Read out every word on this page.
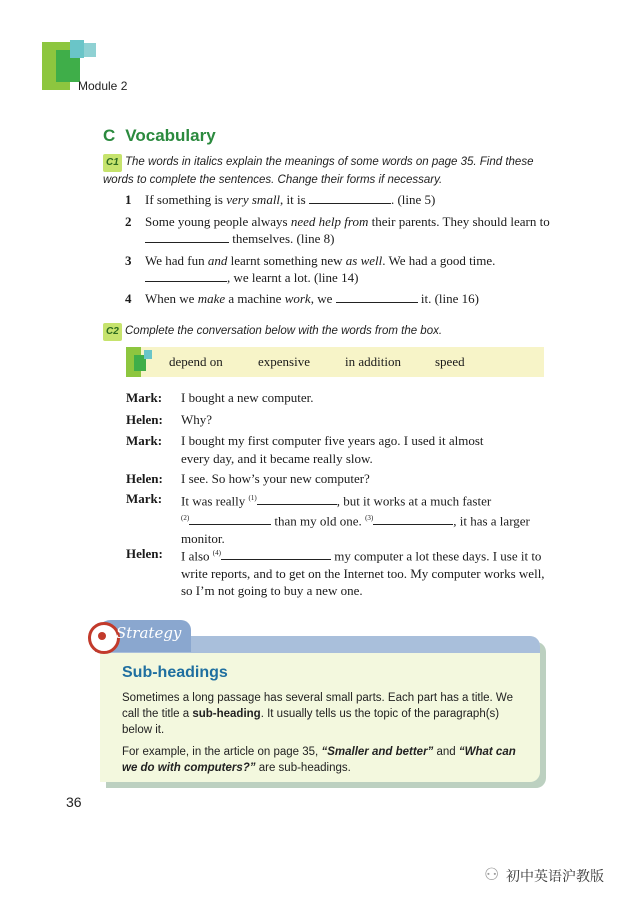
Module 2
C Vocabulary
C1 The words in italics explain the meanings of some words on page 35. Find these
words to complete the sentences. Change their forms if necessary.
1 If something is very small, it is	. (line 5)
2 Some young people always need help from their parents. They should learn to  themselves. (line 8)
3 We had fun and learnt something new as well. We had a good time. , we learnt a lot. (line 14)
4 When we make a machine work, we	it. (line 16)
C2 Complete the conversation below with the words from the box.
depend on	expensive	in addition	speed
Mark: I bought a new computer.
Helen: Why?
Mark: I bought my first computer five years ago. I used it almost
every day, and it became really slow.
Helen: I see. So how’s your new computer?
Mark: It was really $^{(1)}$	, but it works at a much faster
$^{(2)}$	than my old one. $^{(3)}$	, it has a larger
monitor.
Helen: I also $^{(4)}$	my computer a lot these days. I use it to write reports, and to get on the Internet too. My computer works well, so I’m not going to buy a new one.
Strategy
Sub-headings
Sometimes a long passage has several small parts. Each part has a title. We
call the title a sub-heading. It usually tells us the topic of the paragraph(s)
below it.
For example, in the article on page 35, “Smaller and better” and “What can
we do with computers?” are sub-headings.
36
⚇ 初中英语沪教版
